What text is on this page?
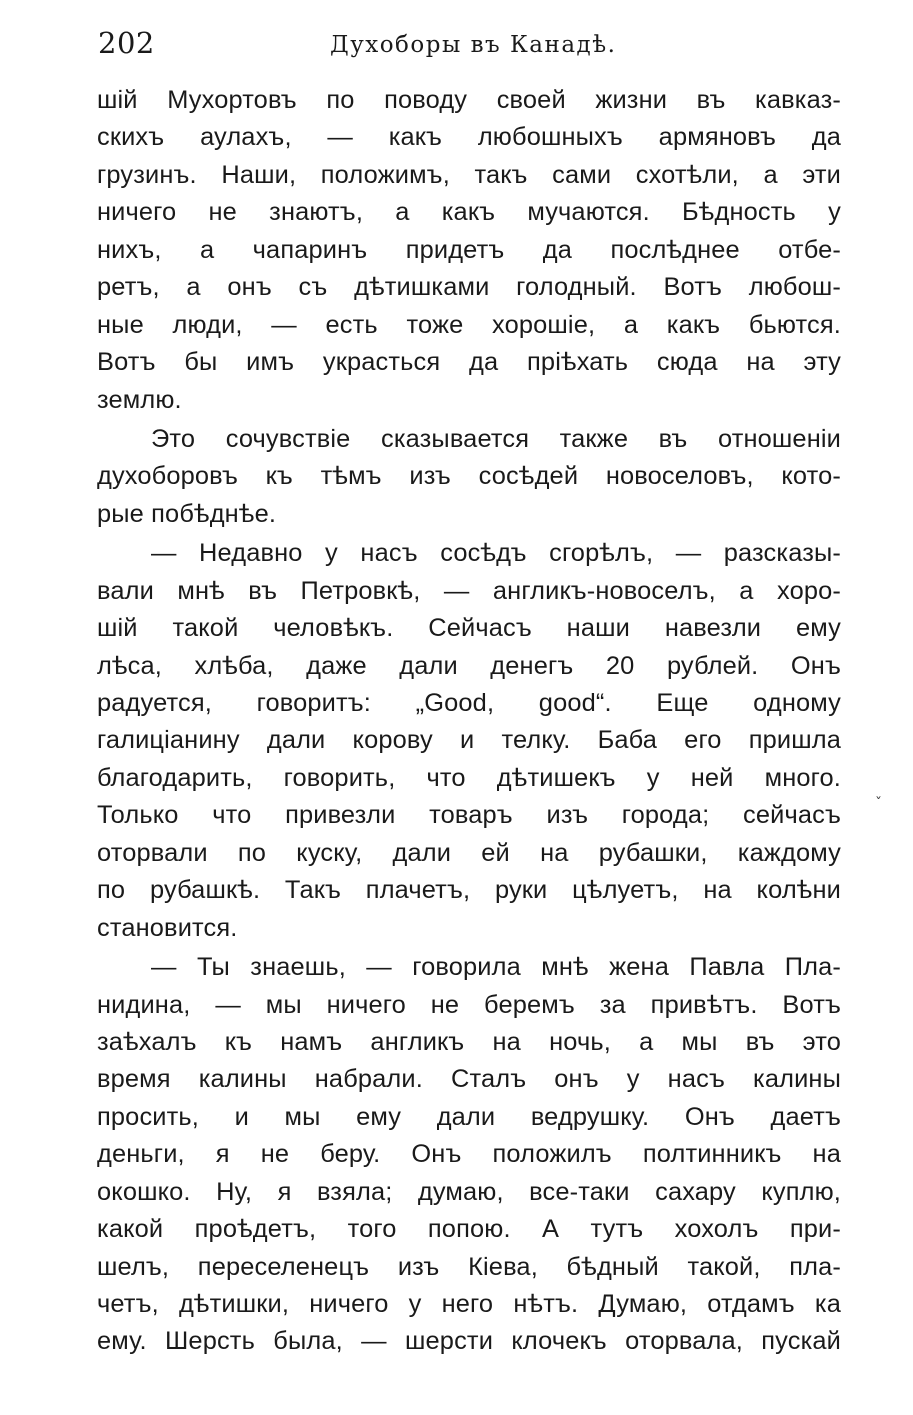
202	Духоборы въ Канадѣ.
шій Мухортовъ по поводу своей жизни въ кавказ-
скихъ аулахъ, — какъ любошныхъ армяновъ да
грузинъ. Наши, положимъ, такъ сами схотѣли, а эти
ничего не знаютъ, а какъ мучаются. Бѣдность у
нихъ, а чапаринъ придетъ да послѣднее отбе-
ретъ, а онъ съ дѣтишками голодный. Вотъ любош-
ные люди, — есть тоже хорошіе, а какъ бьются.
Вотъ бы имъ украсться да пріѣхать сюда на эту
землю.
Это сочувствіе сказывается также въ отношеніи
духоборовъ къ тѣмъ изъ сосѣдей новоселовъ, кото-
рые побѣднѣе.
— Недавно у насъ сосѣдъ сгорѣлъ, — разсказы-
вали мнѣ въ Петровкѣ, — англикъ-новоселъ, а хоро-
шій такой человѣкъ. Сейчасъ наши навезли ему
лѣса, хлѣба, даже дали денегъ 20 рублей. Онъ
радуется, говоритъ: „Good, good“. Еще одному
галиціанину дали корову и телку. Баба его пришла
благодарить, говорить, что дѣтишекъ у ней много.
Только что привезли товаръ изъ города; сейчасъ
оторвали по куску, дали ей на рубашки, каждому
по рубашкѣ. Такъ плачетъ, руки цѣлуетъ, на колѣни
становится.
— Ты знаешь, — говорила мнѣ жена Павла Пла-
нидина, — мы ничего не беремъ за привѣтъ. Вотъ
заѣхалъ къ намъ англикъ на ночь, а мы въ это
время калины набрали. Сталъ онъ у насъ калины
просить, и мы ему дали ведрушку. Онъ даетъ
деньги, я не беру. Онъ положилъ полтинникъ на
окошко. Ну, я взяла; думаю, все-таки сахару куплю,
какой проѣдетъ, того попою. А тутъ хохолъ при-
шелъ, переселенецъ изъ Кіева, бѣдный такой, пла-
четъ, дѣтишки, ничего у него нѣтъ. Думаю, отдамъ ка
ему. Шерсть была, — шерсти клочекъ оторвала, пускай
ˇ
